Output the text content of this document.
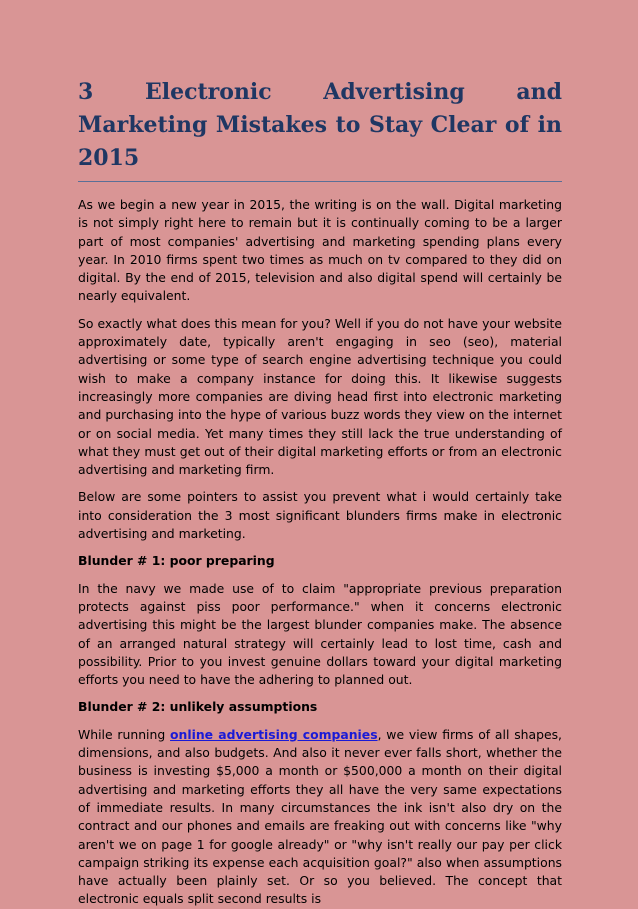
3 Electronic Advertising and Marketing Mistakes to Stay Clear of in 2015

As we begin a new year in 2015, the writing is on the wall. Digital marketing is not simply right here to remain but it is continually coming to be a larger part of most companies' advertising and marketing spending plans every year. In 2010 firms spent two times as much on tv compared to they did on digital. By the end of 2015, television and also digital spend will certainly be nearly equivalent.

So exactly what does this mean for you? Well if you do not have your website approximately date, typically aren't engaging in seo (seo), material advertising or some type of search engine advertising technique you could wish to make a company instance for doing this. It likewise suggests increasingly more companies are diving head first into electronic marketing and purchasing into the hype of various buzz words they view on the internet or on social media. Yet many times they still lack the true understanding of what they must get out of their digital marketing efforts or from an electronic advertising and marketing firm.

Below are some pointers to assist you prevent what i would certainly take into consideration the 3 most significant blunders firms make in electronic advertising and marketing.

Blunder # 1: poor preparing

In the navy we made use of to claim "appropriate previous preparation protects against piss poor performance." when it concerns electronic advertising this might be the largest blunder companies make. The absence of an arranged natural strategy will certainly lead to lost time, cash and possibility. Prior to you invest genuine dollars toward your digital marketing efforts you need to have the adhering to planned out.

Blunder # 2: unlikely assumptions

While running online advertising companies, we view firms of all shapes, dimensions, and also budgets. And also it never ever falls short, whether the business is investing $5,000 a month or $500,000 a month on their digital advertising and marketing efforts they all have the very same expectations of immediate results. In many circumstances the ink isn't also dry on the contract and our phones and emails are freaking out with concerns like "why aren't we on page 1 for google already" or "why isn't really our pay per click campaign striking its expense each acquisition goal?" also when assumptions have actually been plainly set. Or so you believed. The concept that electronic equals split second results is
